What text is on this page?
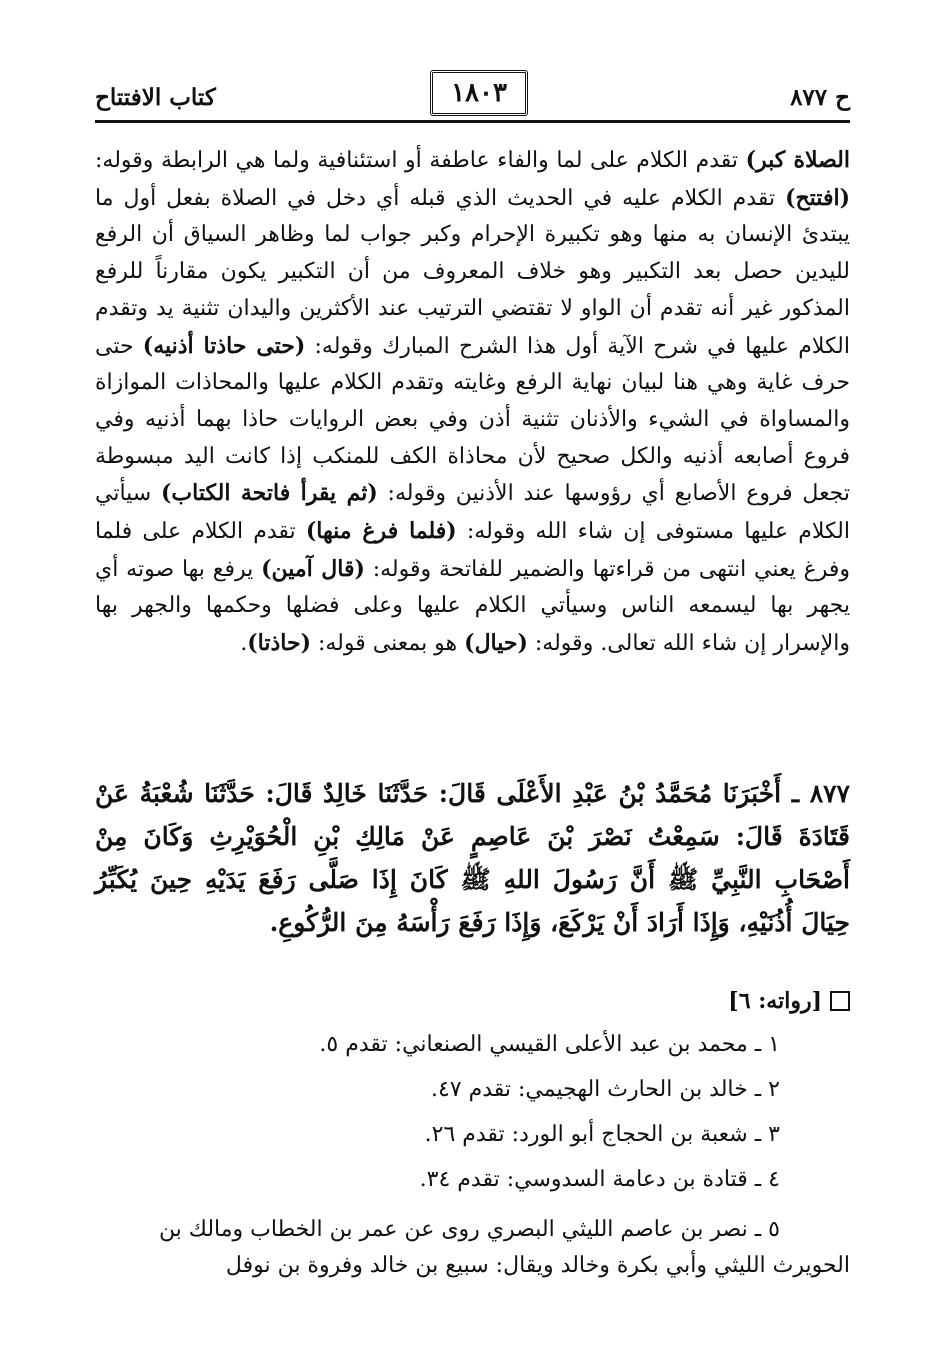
ح ٨٧٧
١٨٠٣
كتاب الافتتاح

الصلاة كبر) تقدم الكلام على لما والفاء عاطفة أو استئنافية ولما هي الرابطة وقوله: (افتتح) تقدم الكلام عليه في الحديث الذي قبله أي دخل في الصلاة بفعل أول ما يبتدئ الإنسان به منها وهو تكبيرة الإحرام وكبر جواب لما وظاهر السياق أن الرفع لليدين حصل بعد التكبير وهو خلاف المعروف من أن التكبير يكون مقارناً للرفع المذكور غير أنه تقدم أن الواو لا تقتضي الترتيب عند الأكثرين واليدان تثنية يد وتقدم الكلام عليها في شرح الآية أول هذا الشرح المبارك وقوله: (حتى حاذتا أذنيه) حتى حرف غاية وهي هنا لبيان نهاية الرفع وغايته وتقدم الكلام عليها والمحاذات الموازاة والمساواة في الشيء والأذنان تثنية أذن وفي بعض الروايات حاذا بهما أذنيه وفي فروع أصابعه أذنيه والكل صحيح لأن محاذاة الكف للمنكب إذا كانت اليد مبسوطة تجعل فروع الأصابع أي رؤوسها عند الأذنين وقوله: (ثم يقرأ فاتحة الكتاب) سيأتي الكلام عليها مستوفى إن شاء الله وقوله: (فلما فرغ منها) تقدم الكلام على فلما وفرغ يعني انتهى من قراءتها والضمير للفاتحة وقوله: (قال آمين) يرفع بها صوته أي يجهر بها ليسمعه الناس وسيأتي الكلام عليها وعلى فضلها وحكمها والجهر بها والإسرار إن شاء الله تعالى. وقوله: (حيال) هو بمعنى قوله: (حاذتا).

٨٧٧ ـ أَخْبَرَنَا مُحَمَّدُ بْنُ عَبْدِ الأَعْلَى قَالَ: حَدَّثَنَا خَالِدٌ قَالَ: حَدَّثَنَا شُعْبَةُ عَنْ قَتَادَةَ قَالَ: سَمِعْتُ نَصْرَ بْنَ عَاصِمٍ عَنْ مَالِكِ بْنِ الْحُوَيْرِثِ وَكَانَ مِنْ أَصْحَابِ النَّبِيِّ ﷺ أَنَّ رَسُولَ اللهِ ﷺ كَانَ إِذَا صَلَّى رَفَعَ يَدَيْهِ حِينَ يُكَبِّرُ حِيَالَ أُذُنَيْهِ، وَإِذَا أَرَادَ أَنْ يَرْكَعَ، وَإِذَا رَفَعَ رَأْسَهُ مِنَ الرُّكُوعِ.

[رواته: ٦]
١ ـ محمد بن عبد الأعلى القيسي الصنعاني: تقدم ٥.
٢ ـ خالد بن الحارث الهجيمي: تقدم ٤٧.
٣ ـ شعبة بن الحجاج أبو الورد: تقدم ٢٦.
٤ ـ قتادة بن دعامة السدوسي: تقدم ٣٤.

٥ ـ نصر بن عاصم الليثي البصري روى عن عمر بن الخطاب ومالك بن

الحويرث الليثي وأبي بكرة وخالد ويقال: سبيع بن خالد وفروة بن نوفل
